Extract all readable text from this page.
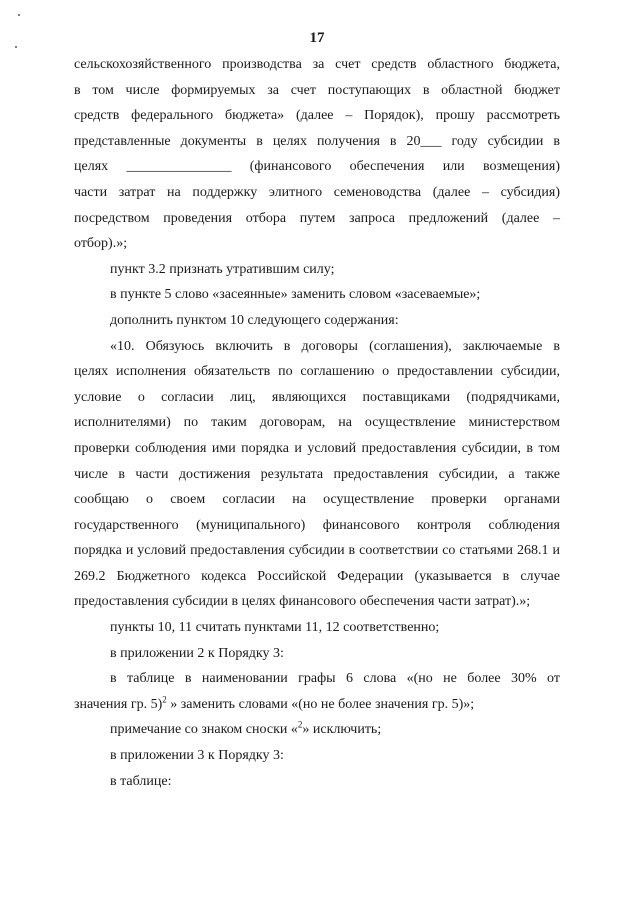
17
сельскохозяйственного производства за счет средств областного бюджета,
в том числе формируемых за счет поступающих в областной бюджет
средств федерального бюджета» (далее – Порядок), прошу рассмотреть
представленные документы в целях получения в 20___ году субсидии в
целях _______________ (финансового обеспечения или возмещения)
части затрат на поддержку элитного семеноводства (далее – субсидия)
посредством проведения отбора путем запроса предложений (далее –
отбор).»;
пункт 3.2 признать утратившим силу;
в пункте 5 слово «засеянные» заменить словом «засеваемые»;
дополнить пунктом 10 следующего содержания:
«10. Обязуюсь включить в договоры (соглашения), заключаемые в
целях исполнения обязательств по соглашению о предоставлении субсидии,
условие о согласии лиц, являющихся поставщиками (подрядчиками,
исполнителями) по таким договорам, на осуществление министерством
проверки соблюдения ими порядка и условий предоставления субсидии, в том
числе в части достижения результата предоставления субсидии, а также
сообщаю о своем согласии на осуществление проверки органами
государственного (муниципального) финансового контроля соблюдения
порядка и условий предоставления субсидии в соответствии со статьями 268.1 и
269.2 Бюджетного кодекса Российской Федерации (указывается в случае
предоставления субсидии в целях финансового обеспечения части затрат).»;
пункты 10, 11 считать пунктами 11, 12 соответственно;
в приложении 2 к Порядку 3:
в таблице в наименовании графы 6 слова «(но не более 30% от
значения гр. 5)$^2$ » заменить словами «(но не более значения гр. 5)»;
примечание со знаком сноски «$^2$» исключить;
в приложении 3 к Порядку 3:
в таблице:
